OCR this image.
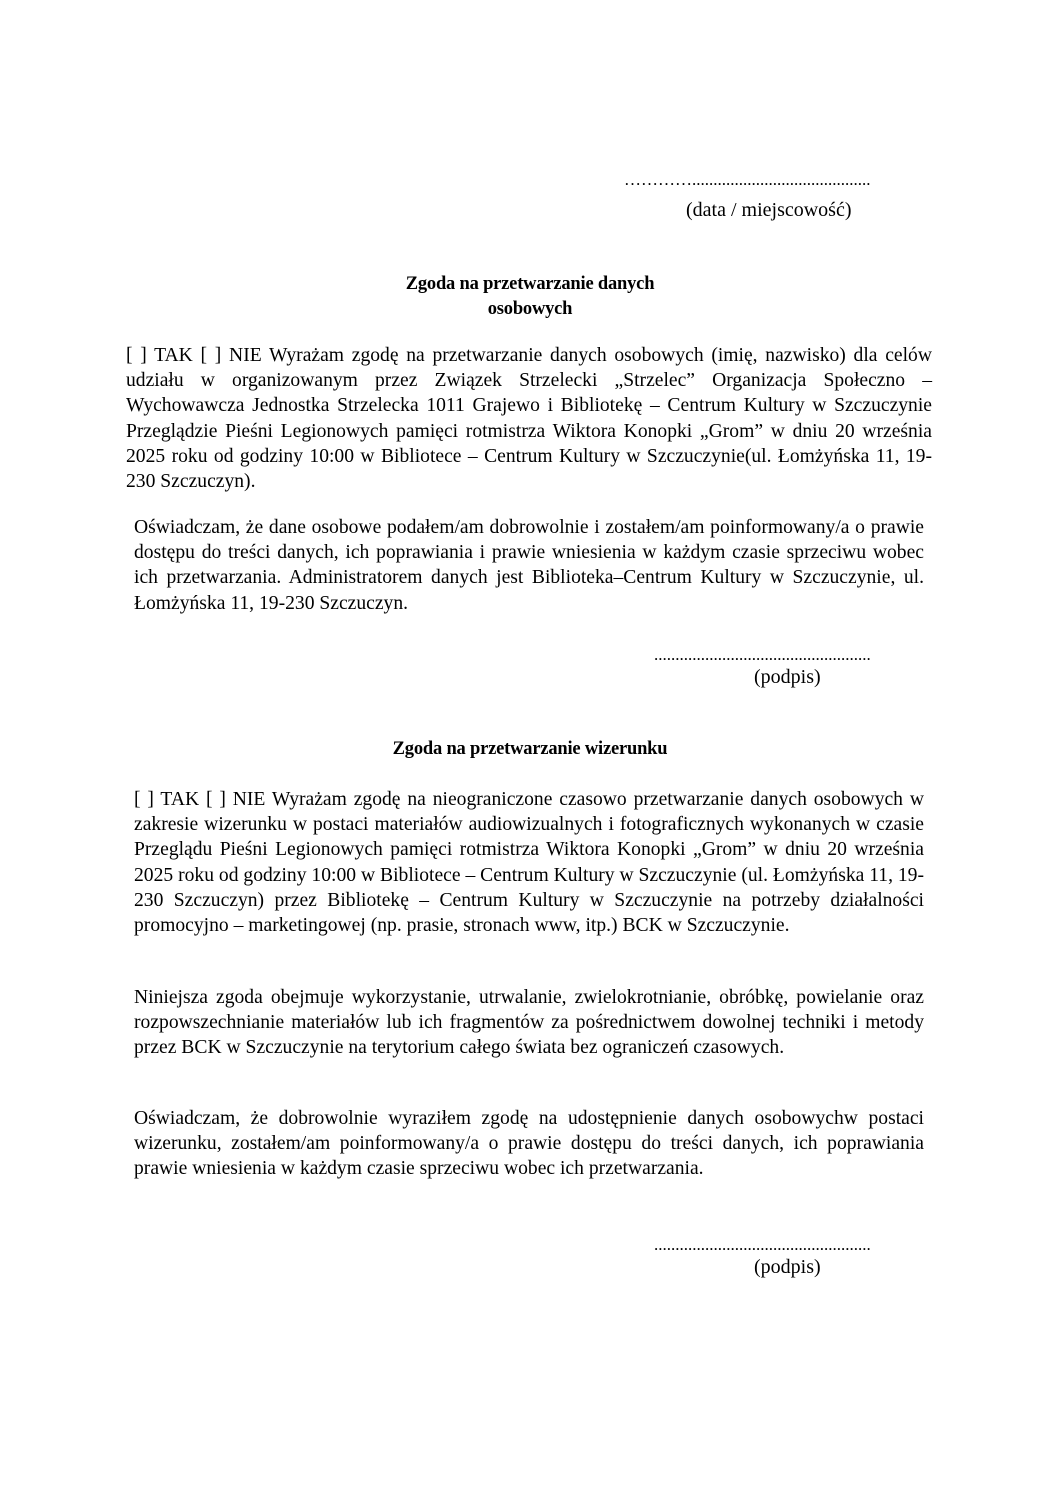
…………..........................................
(data / miejscowość)
Zgoda na przetwarzanie danych
osobowych
[ ] TAK [ ] NIE Wyrażam zgodę na przetwarzanie danych osobowych (imię, nazwisko) dla celów udziału w organizowanym przez Związek Strzelecki „Strzelec” Organizacja Społeczno – Wychowawcza Jednostka Strzelecka 1011 Grajewo i Bibliotekę – Centrum Kultury w Szczuczynie Przeglądzie Pieśni Legionowych pamięci rotmistrza Wiktora Konopki „Grom” w dniu 20 września 2025 roku od godziny 10:00 w Bibliotece – Centrum Kultury w Szczuczynie(ul. Łomżyńska 11, 19-230 Szczuczyn).
Oświadczam, że dane osobowe podałem/am dobrowolnie i zostałem/am poinformowany/a o prawie dostępu do treści danych, ich poprawiania i prawie wniesienia w każdym czasie sprzeciwu wobec ich przetwarzania. Administratorem danych jest Biblioteka–Centrum Kultury w Szczuczynie, ul. Łomżyńska 11, 19-230 Szczuczyn.
...................................................
(podpis)
Zgoda na przetwarzanie wizerunku
[ ] TAK [ ] NIE Wyrażam zgodę na nieograniczone czasowo przetwarzanie danych osobowych w zakresie wizerunku w postaci materiałów audiowizualnych i fotograficznych wykonanych w czasie Przeglądu Pieśni Legionowych pamięci rotmistrza Wiktora Konopki „Grom” w dniu 20 września 2025 roku od godziny 10:00 w Bibliotece – Centrum Kultury w Szczuczynie (ul. Łomżyńska 11, 19-230 Szczuczyn) przez Bibliotekę – Centrum Kultury w Szczuczynie na potrzeby działalności promocyjno – marketingowej (np. prasie, stronach www, itp.) BCK w Szczuczynie.
Niniejsza zgoda obejmuje wykorzystanie, utrwalanie, zwielokrotnianie, obróbkę, powielanie oraz rozpowszechnianie materiałów lub ich fragmentów za pośrednictwem dowolnej techniki i metody przez BCK w Szczuczynie na terytorium całego świata bez ograniczeń czasowych.
Oświadczam, że dobrowolnie wyraziłem zgodę na udostępnienie danych osobowychw postaci wizerunku, zostałem/am poinformowany/a o prawie dostępu do treści danych, ich poprawiania prawie wniesienia w każdym czasie sprzeciwu wobec ich przetwarzania.
...................................................
(podpis)
